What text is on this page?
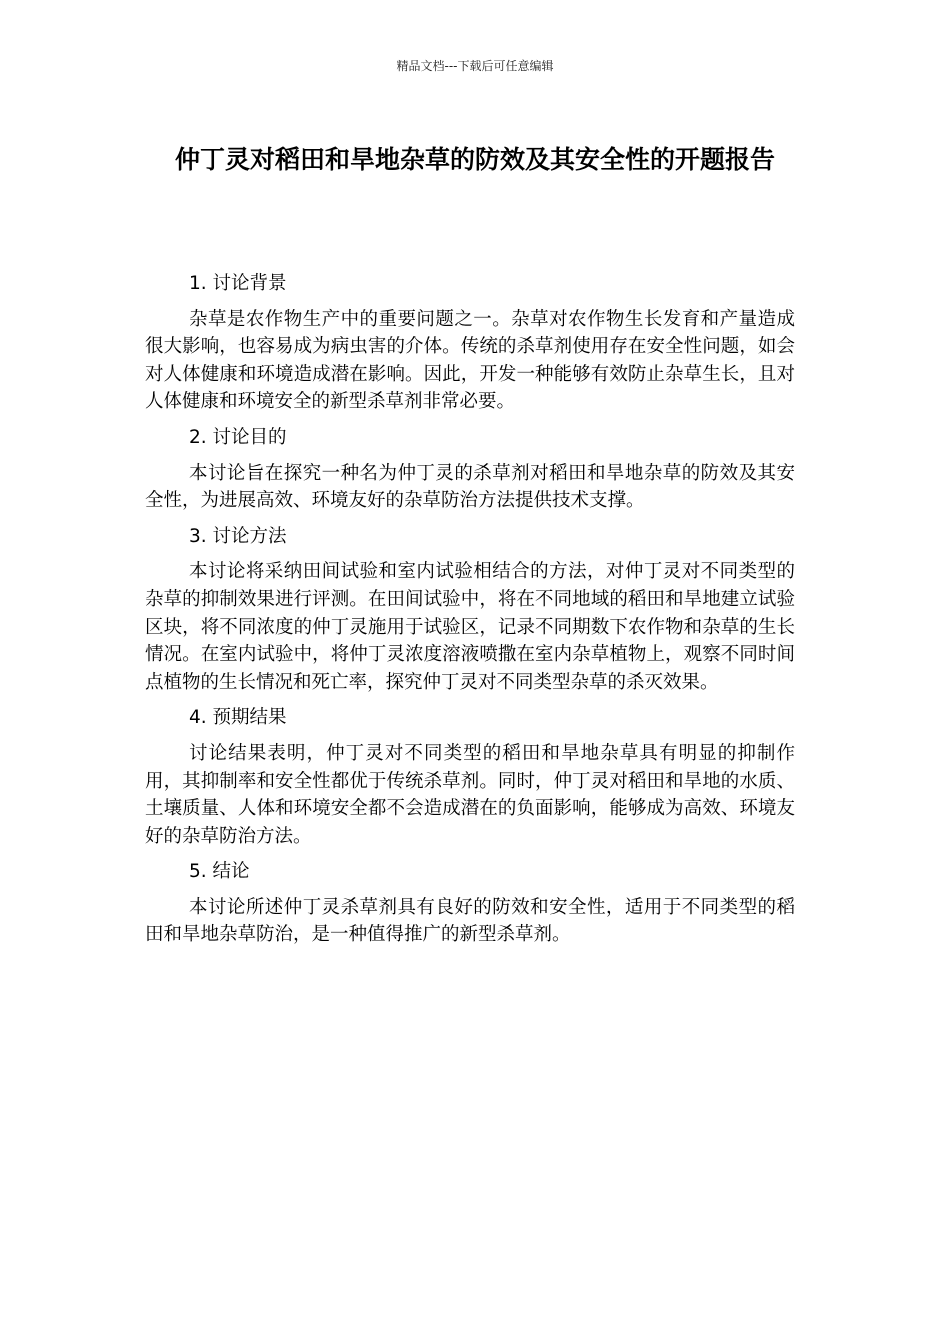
精品文档---下载后可任意编辑
仲丁灵对稻田和旱地杂草的防效及其安全性的开题报告

1. 讨论背景

杂草是农作物生产中的重要问题之一。杂草对农作物生长发育和产量造成很大影响，也容易成为病虫害的介体。传统的杀草剂使用存在安全性问题，如会对人体健康和环境造成潜在影响。因此，开发一种能够有效防止杂草生长，且对人体健康和环境安全的新型杀草剂非常必要。

2. 讨论目的

本讨论旨在探究一种名为仲丁灵的杀草剂对稻田和旱地杂草的防效及其安全性，为进展高效、环境友好的杂草防治方法提供技术支撑。

3. 讨论方法

本讨论将采纳田间试验和室内试验相结合的方法，对仲丁灵对不同类型的杂草的抑制效果进行评测。在田间试验中，将在不同地域的稻田和旱地建立试验区块，将不同浓度的仲丁灵施用于试验区，记录不同期数下农作物和杂草的生长情况。在室内试验中，将仲丁灵浓度溶液喷撒在室内杂草植物上，观察不同时间点植物的生长情况和死亡率，探究仲丁灵对不同类型杂草的杀灭效果。

4. 预期结果

讨论结果表明，仲丁灵对不同类型的稻田和旱地杂草具有明显的抑制作用，其抑制率和安全性都优于传统杀草剂。同时，仲丁灵对稻田和旱地的水质、土壤质量、人体和环境安全都不会造成潜在的负面影响，能够成为高效、环境友好的杂草防治方法。

5. 结论

本讨论所述仲丁灵杀草剂具有良好的防效和安全性，适用于不同类型的稻田和旱地杂草防治，是一种值得推广的新型杀草剂。
